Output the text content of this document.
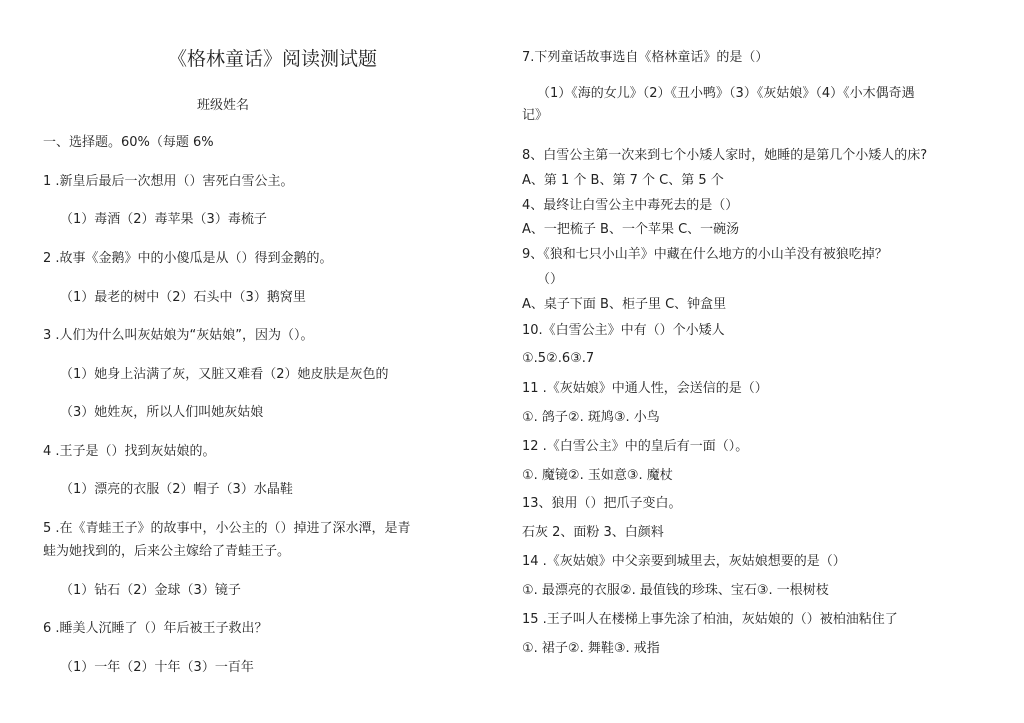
《格林童话》阅读测试题
班级姓名
一、选择题。60%（每题 6%
1 .新皇后最后一次想用（）害死白雪公主。
（1）毒酒（2）毒苹果（3）毒梳子
2 .故事《金鹅》中的小傻瓜是从（）得到金鹅的。
（1）最老的树中（2）石头中（3）鹅窝里
3 .人们为什么叫灰姑娘为“灰姑娘”，因为（）。
（1）她身上沾满了灰，又脏又难看（2）她皮肤是灰色的
（3）她姓灰，所以人们叫她灰姑娘
4 .王子是（）找到灰姑娘的。
（1）漂亮的衣服（2）帽子（3）水晶鞋
5 .在《青蛙王子》的故事中，小公主的（）掉进了深水潭，是青
蛙为她找到的，后来公主嫁给了青蛙王子。
（1）钻石（2）金球（3）镜子
6 .睡美人沉睡了（）年后被王子救出？
（1）一年（2）十年（3）一百年
7.下列童话故事选自《格林童话》的是（）
（1）《海的女儿》（2）《丑小鸭》（3）《灰姑娘》（4）《小木偶奇遇
记》
8、白雪公主第一次来到七个小矮人家时，她睡的是第几个小矮人的床?
A、第 1 个 B、第 7 个 C、第 5 个
4、最终让白雪公主中毒死去的是（）
A、一把梳子 B、一个苹果 C、一碗汤
9、《狼和七只小山羊》中藏在什么地方的小山羊没有被狼吃掉？
（）
A、桌子下面 B、柜子里 C、钟盒里
10.《白雪公主》中有（）个小矮人
①.5②.6③.7
11 .《灰姑娘》中通人性，会送信的是（）
①. 鸽子②. 斑鸠③. 小鸟
12 .《白雪公主》中的皇后有一面（）。
①. 魔镜②. 玉如意③. 魔杖
13、狼用（）把爪子变白。
石灰 2、面粉 3、白颜料
14 .《灰姑娘》中父亲要到城里去，灰姑娘想要的是（）
①. 最漂亮的衣服②. 最值钱的珍珠、宝石③. 一根树枝
15 .王子叫人在楼梯上事先涂了柏油，灰姑娘的（）被柏油粘住了
①. 裙子②. 舞鞋③. 戒指
